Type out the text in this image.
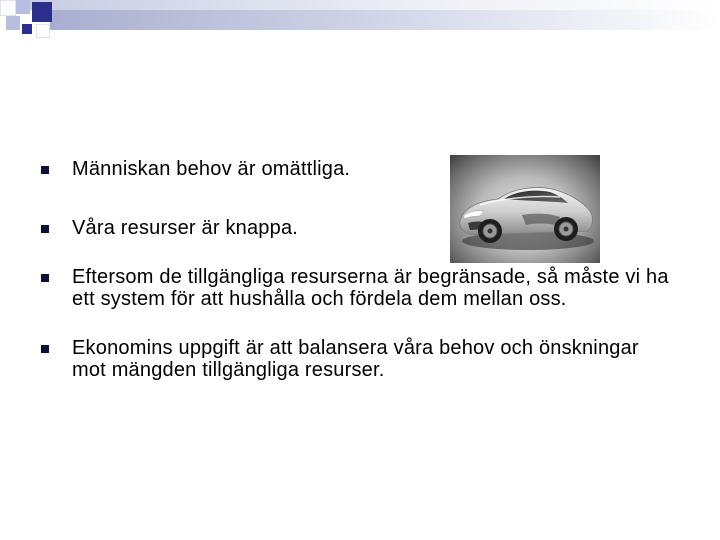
Människan behov är omättliga.
Våra resurser är knappa.
Eftersom de tillgängliga resurserna är begränsade, så måste vi ha ett system för att hushålla och fördela dem mellan oss.
Ekonomins uppgift är att balansera våra behov och önskningar mot mängden tillgängliga resurser.
